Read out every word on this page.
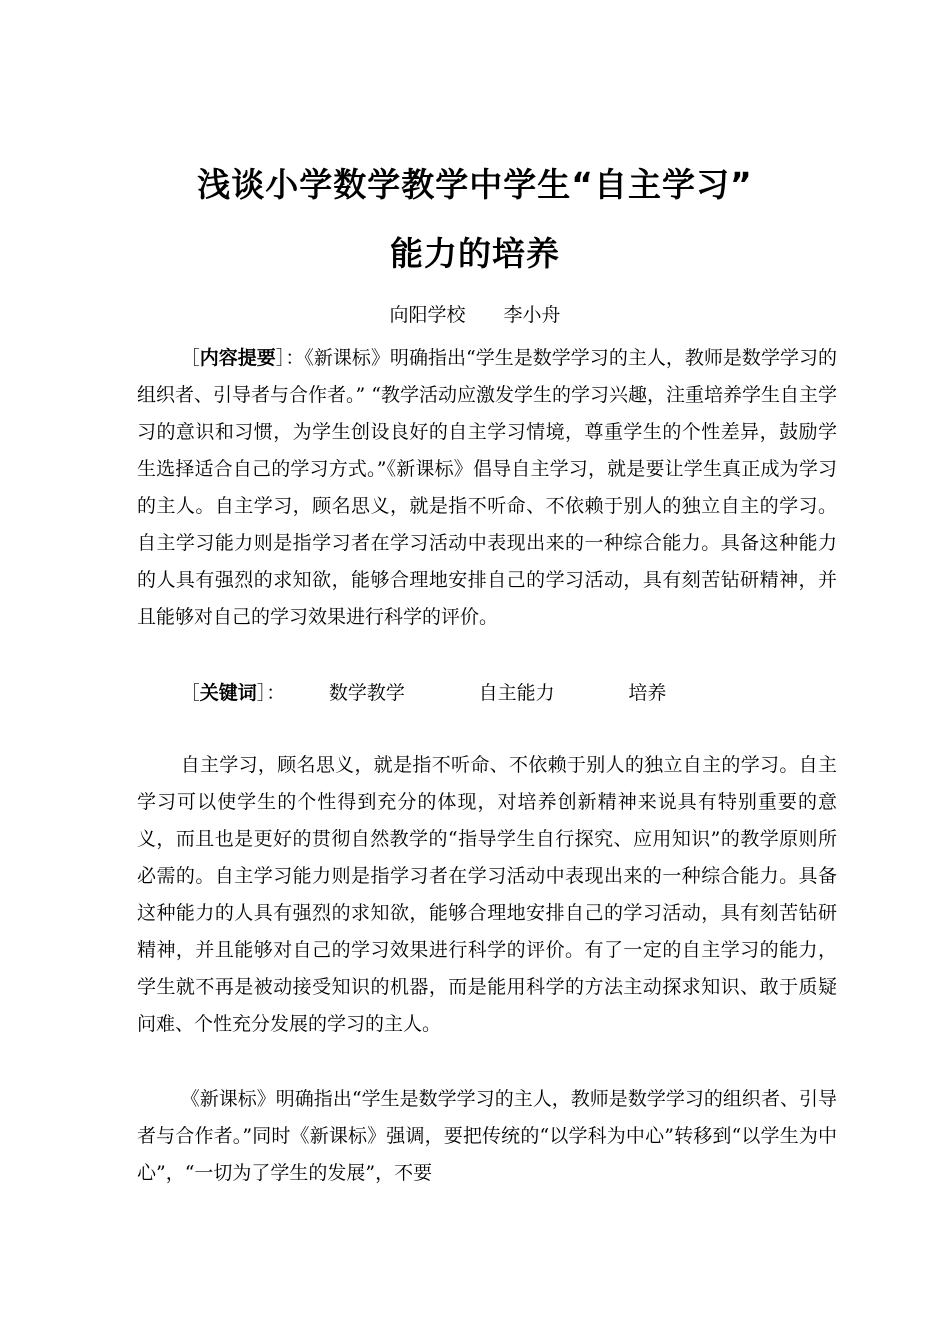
浅谈小学数学教学中学生“自主学习”
能力的培养
向阳学校 李小舟

［内容提要］：《新课标》明确指出“学生是数学学习的主人，教师是数学学习的组织者、引导者与合作者。” “教学活动应激发学生的学习兴趣，注重培养学生自主学习的意识和习惯，为学生创设良好的自主学习情境，尊重学生的个性差异，鼓励学生选择适合自己的学习方式。”《新课标》倡导自主学习，就是要让学生真正成为学习的主人。自主学习，顾名思义，就是指不听命、不依赖于别人的独立自主的学习。自主学习能力则是指学习者在学习活动中表现出来的一种综合能力。具备这种能力的人具有强烈的求知欲，能够合理地安排自己的学习活动，具有刻苦钻研精神，并且能够对自己的学习效果进行科学的评价。

［关键词］： 数学教学	自主能力	培养

自主学习，顾名思义，就是指不听命、不依赖于别人的独立自主的学习。自主学习可以使学生的个性得到充分的体现，对培养创新精神来说具有特别重要的意义，而且也是更好的贯彻自然教学的“指导学生自行探究、应用知识”的教学原则所必需的。自主学习能力则是指学习者在学习活动中表现出来的一种综合能力。具备这种能力的人具有强烈的求知欲，能够合理地安排自己的学习活动，具有刻苦钻研精神，并且能够对自己的学习效果进行科学的评价。有了一定的自主学习的能力，学生就不再是被动接受知识的机器，而是能用科学的方法主动探求知识、敢于质疑问难、个性充分发展的学习的主人。

《新课标》明确指出“学生是数学学习的主人，教师是数学学习的组织者、引导者与合作者。”同时《新课标》强调，要把传统的“以学科为中心”转移到“以学生为中心”，“一切为了学生的发展”，不要
